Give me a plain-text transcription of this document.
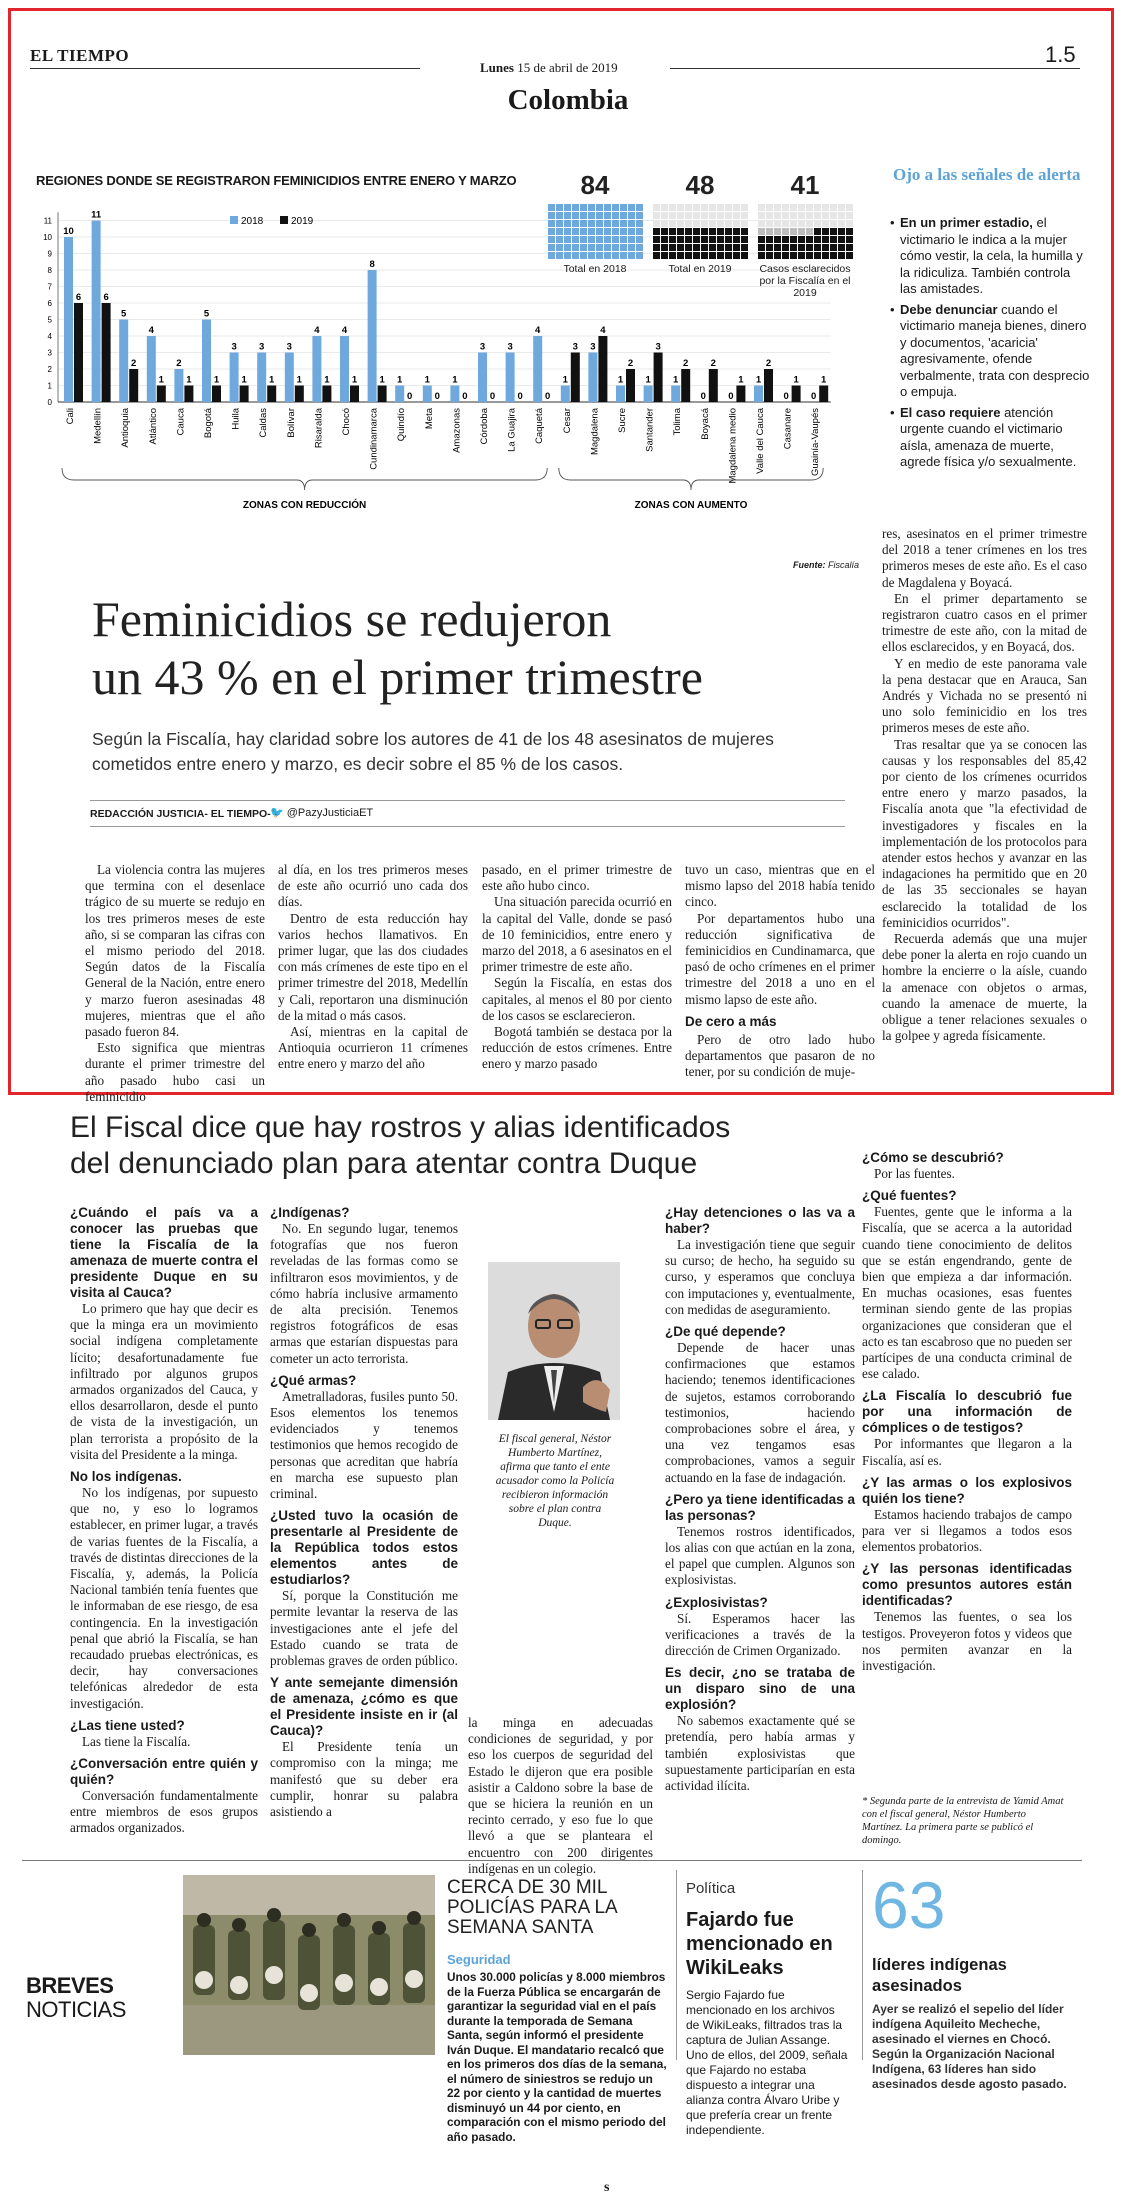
EL TIEMPO
Lunes 15 de abril de 2019
1.5
Colombia
REGIONES DONDE SE REGISTRARON FEMINICIDIOS ENTRE ENERO Y MARZO
0
1
2
3
4
5
6
7
8
9
10
11	2018	2019
10
6
Cali
11
6
Medellín
5
2
Antioquia
4
1
Atlántico
2
1
Cauca
5
1
Bogotá
3
1
Huila
3
1
Caldas
3
1
Bolívar
4
1
Risaralda
4
1
Chocó
8
1
Cundinamarca
1
0
Quindío
1
0
Meta
1
0
Amazonas
3
0
Córdoba
3
0
La Guajira
4
0
Caquetá
1
3
Cesar
3
4
Magdalena
1
2
Sucre
1
3
Santander
1
2
Tolima
0
2
Boyacá
0
1
Magdalena medio
1
2
Valle del Cauca
0
1
Casanare
0
1
Guainía-Vaupés
ZONAS CON REDUCCIÓN	ZONAS CON AUMENTO
84
Total en 2018
48
Total en 2019
41
Casos esclarecidos por la Fiscalía en el 2019
Fuente: Fiscalía
Ojo a las señales de alerta
• En un primer estadio, el victimario le indica a la mujer cómo vestir, la cela, la humilla y la ridiculiza. También controla las amistades.
• Debe denunciar cuando el victimario maneja bienes, dinero y documentos, 'acaricia' agresivamente, ofende verbalmente, trata con desprecio o empuja.
• El caso requiere atención urgente cuando el victimario aísla, amenaza de muerte, agrede física y/o sexualmente.
Feminicidios se redujeron
un 43 % en el primer trimestre
Según la Fiscalía, hay claridad sobre los autores de 41 de los 48 asesinatos de mujeres cometidos entre enero y marzo, es decir sobre el 85 % de los casos.
REDACCIÓN JUSTICIA- EL TIEMPO- 🐦 @PazyJusticiaET

La violencia contra las mujeres que termina con el desenlace trágico de su muerte se redujo en los tres primeros meses de este año, si se comparan las cifras con el mismo periodo del 2018. Según datos de la Fiscalía General de la Nación, entre enero y marzo fueron asesinadas 48 mujeres, mientras que el año pasado fueron 84.

Esto significa que mientras durante el primer trimestre del año pasado hubo casi un feminicidio

al día, en los tres primeros meses de este año ocurrió uno cada dos días.

Dentro de esta reducción hay varios hechos llamativos. En primer lugar, que las dos ciudades con más crímenes de este tipo en el primer trimestre del 2018, Medellín y Cali, reportaron una disminución de la mitad o más casos.

Así, mientras en la capital de Antioquia ocurrieron 11 crímenes entre enero y marzo del año

pasado, en el primer trimestre de este año hubo cinco.

Una situación parecida ocurrió en la capital del Valle, donde se pasó de 10 feminicidios, entre enero y marzo del 2018, a 6 asesinatos en el primer trimestre de este año.

Según la Fiscalía, en estas dos capitales, al menos el 80 por ciento de los casos se esclarecieron.

Bogotá también se destaca por la reducción de estos crímenes. Entre enero y marzo pasado

tuvo un caso, mientras que en el mismo lapso del 2018 había tenido cinco.

Por departamentos hubo una reducción significativa de feminicidios en Cundinamarca, que pasó de ocho crímenes en el primer trimestre del 2018 a uno en el mismo lapso de este año.

De cero a más

Pero de otro lado hubo departamentos que pasaron de no tener, por su condición de muje-

res, asesinatos en el primer trimestre del 2018 a tener crímenes en los tres primeros meses de este año. Es el caso de Magdalena y Boyacá.

En el primer departamento se registraron cuatro casos en el primer trimestre de este año, con la mitad de ellos esclarecidos, y en Boyacá, dos.

Y en medio de este panorama vale la pena destacar que en Arauca, San Andrés y Vichada no se presentó ni uno solo feminicidio en los tres primeros meses de este año.

Tras resaltar que ya se conocen las causas y los responsables del 85,42 por ciento de los crímenes ocurridos entre enero y marzo pasados, la Fiscalía anota que "la efectividad de investigadores y fiscales en la implementación de los protocolos para atender estos hechos y avanzar en las indagaciones ha permitido que en 20 de las 35 seccionales se hayan esclarecido la totalidad de los feminicidios ocurridos".

Recuerda además que una mujer debe poner la alerta en rojo cuando un hombre la encierre o la aísle, cuando la amenace con objetos o armas, cuando la amenace de muerte, la obligue a tener relaciones sexuales o la golpee y agreda físicamente.

El Fiscal dice que hay rostros y alias identificados
del denunciado plan para atentar contra Duque
¿Cuándo el país va a conocer las pruebas que tiene la Fiscalía de la amenaza de muerte contra el presidente Duque en su visita al Cauca?

Lo primero que hay que decir es que la minga era un movimiento social indígena completamente lícito; desafortunadamente fue infiltrado por algunos grupos armados organizados del Cauca, y ellos desarrollaron, desde el punto de vista de la investigación, un plan terrorista a propósito de la visita del Presidente a la minga.

No los indígenas.

No los indígenas, por supuesto que no, y eso lo logramos establecer, en primer lugar, a través de varias fuentes de la Fiscalía, a través de distintas direcciones de la Fiscalía, y, además, la Policía Nacional también tenía fuentes que le informaban de ese riesgo, de esa contingencia. En la investigación penal que abrió la Fiscalía, se han recaudado pruebas electrónicas, es decir, hay conversaciones telefónicas alrededor de esta investigación.

¿Las tiene usted?

Las tiene la Fiscalía.

¿Conversación entre quién y quién?

Conversación fundamentalmente entre miembros de esos grupos armados organizados.

¿Indígenas?

No. En segundo lugar, tenemos fotografías que nos fueron reveladas de las formas como se infiltraron esos movimientos, y de cómo habría inclusive armamento de alta precisión. Tenemos registros fotográficos de esas armas que estarían dispuestas para cometer un acto terrorista.

¿Qué armas?

Ametralladoras, fusiles punto 50. Esos elementos los tenemos evidenciados y tenemos testimonios que hemos recogido de personas que acreditan que habría en marcha ese supuesto plan criminal.

¿Usted tuvo la ocasión de presentarle al Presidente de la República todos estos elementos antes de estudiarlos?

Sí, porque la Constitución me permite levantar la reserva de las investigaciones ante el jefe del Estado cuando se trata de problemas graves de orden público.

Y ante semejante dimensión de amenaza, ¿cómo es que el Presidente insiste en ir (al Cauca)?

El Presidente tenía un compromiso con la minga; me manifestó que su deber era cumplir, honrar su palabra asistiendo a

El fiscal general, Néstor Humberto Martínez, afirma que tanto el ente acusador como la Policía recibieron información sobre el plan contra Duque.

la minga en adecuadas condiciones de seguridad, y por eso los cuerpos de seguridad del Estado le dijeron que era posible asistir a Caldono sobre la base de que se hiciera la reunión en un recinto cerrado, y eso fue lo que llevó a que se planteara el encuentro con 200 dirigentes indígenas en un colegio.

¿Hay detenciones o las va a haber?

La investigación tiene que seguir su curso; de hecho, ha seguido su curso, y esperamos que concluya con imputaciones y, eventualmente, con medidas de aseguramiento.

¿De qué depende?

Depende de hacer unas confirmaciones que estamos haciendo; tenemos identificaciones de sujetos, estamos corroborando testimonios, haciendo comprobaciones sobre el área, y una vez tengamos esas comprobaciones, vamos a seguir actuando en la fase de indagación.

¿Pero ya tiene identificadas a las personas?

Tenemos rostros identificados, los alias con que actúan en la zona, el papel que cumplen. Algunos son explosivistas.

¿Explosivistas?

Sí. Esperamos hacer las verificaciones a través de la dirección de Crimen Organizado.

Es decir, ¿no se trataba de un disparo sino de una explosión?

No sabemos exactamente qué se pretendía, pero había armas y también explosivistas que supuestamente participarían en esta actividad ilícita.

¿Cómo se descubrió?

Por las fuentes.

¿Qué fuentes?

Fuentes, gente que le informa a la Fiscalía, que se acerca a la autoridad cuando tiene conocimiento de delitos que se están engendrando, gente de bien que empieza a dar información. En muchas ocasiones, esas fuentes terminan siendo gente de las propias organizaciones que consideran que el acto es tan escabroso que no pueden ser partícipes de una conducta criminal de ese calado.

¿La Fiscalía lo descubrió fue por una información de cómplices o de testigos?

Por informantes que llegaron a la Fiscalía, así es.

¿Y las armas o los explosivos quién los tiene?

Estamos haciendo trabajos de campo para ver si llegamos a todos esos elementos probatorios.

¿Y las personas identificadas como presuntos autores están identificadas?

Tenemos las fuentes, o sea los testigos. Proveyeron fotos y videos que nos permiten avanzar en la investigación.

* Segunda parte de la entrevista de Yamid Amat con el fiscal general, Néstor Humberto Martínez. La primera parte se publicó el domingo.
BREVES
NOTICIAS
CERCA DE 30 MIL POLICÍAS PARA LA SEMANA SANTA
Seguridad
Unos 30.000 policías y 8.000 miembros de la Fuerza Pública se encargarán de garantizar la seguridad vial en el país durante la temporada de Semana Santa, según informó el presidente Iván Duque. El mandatario recalcó que en los primeros dos días de la semana, el número de siniestros se redujo un 22 por ciento y la cantidad de muertes disminuyó un 44 por ciento, en comparación con el mismo periodo del año pasado.
Política
Fajardo fue mencionado en WikiLeaks
Sergio Fajardo fue mencionado en los archivos de WikiLeaks, filtrados tras la captura de Julian Assange. Uno de ellos, del 2009, señala que Fajardo no estaba dispuesto a integrar una alianza contra Álvaro Uribe y que prefería crear un frente independiente.
63
líderes indígenas asesinados
Ayer se realizó el sepelio del líder indígena Aquileito Mecheche, asesinado el viernes en Chocó. Según la Organización Nacional Indígena, 63 líderes han sido asesinados desde agosto pasado.
s
